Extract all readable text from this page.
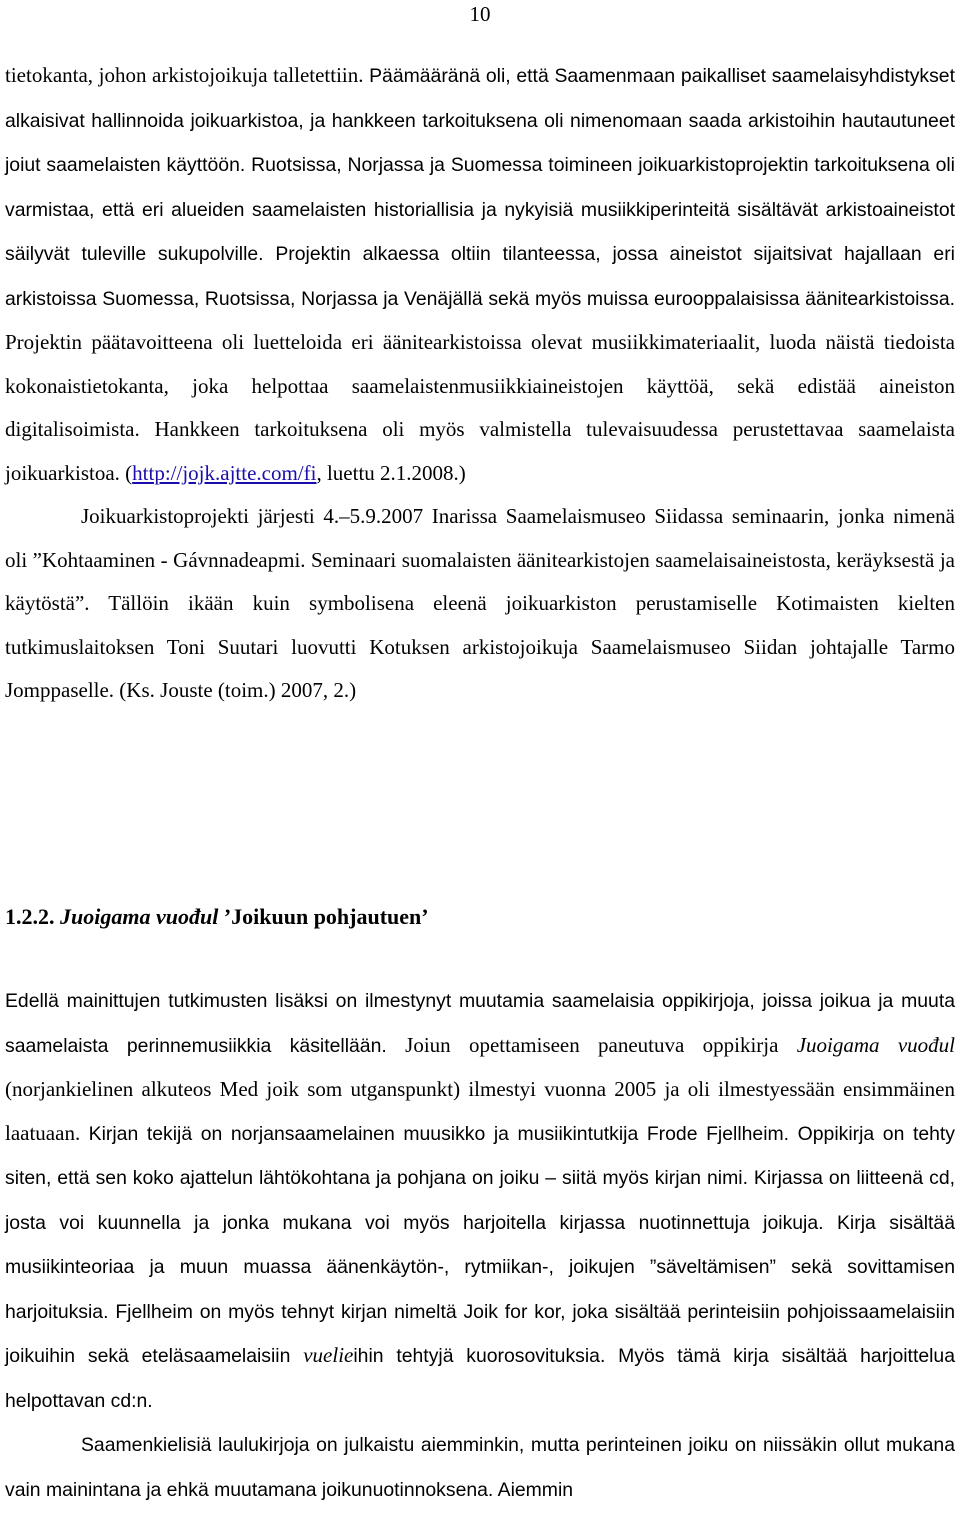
10

tietokanta, johon arkistojoikuja talletettiin. Päämääränä oli, että Saamenmaan paikalliset saamelaisyhdistykset alkaisivat hallinnoida joikuarkistoa, ja hankkeen tarkoituksena oli nimenomaan saada arkistoihin hautautuneet joiut saamelaisten käyttöön. Ruotsissa, Norjassa ja Suomessa toimineen joikuarkistoprojektin tarkoituksena oli varmistaa, että eri alueiden saamelaisten historiallisia ja nykyisiä musiikkiperinteitä sisältävät arkistoaineistot säilyvät tuleville sukupolville. Projektin alkaessa oltiin tilanteessa, jossa aineistot sijaitsivat hajallaan eri arkistoissa Suomessa, Ruotsissa, Norjassa ja Venäjällä sekä myös muissa eurooppalaisissa äänitearkistoissa. Projektin päätavoitteena oli luetteloida eri äänitearkistoissa olevat musiikkimateriaalit, luoda näistä tiedoista kokonaistietokanta, joka helpottaa saamelaistenmusiikkiaineistojen käyttöä, sekä edistää aineiston digitalisoimista. Hankkeen tarkoituksena oli myös valmistella tulevaisuudessa perustettavaa saamelaista joikuarkistoa. (http://jojk.ajtte.com/fi, luettu 2.1.2008.)

Joikuarkistoprojekti järjesti 4.–5.9.2007 Inarissa Saamelaismuseo Siidassa seminaarin, jonka nimenä oli ”Kohtaaminen - Gávnnadeapmi. Seminaari suomalaisten äänitearkistojen saamelaisaineistosta, keräyksestä ja käytöstä”. Tällöin ikään kuin symbolisena eleenä joikuarkiston perustamiselle Kotimaisten kielten tutkimuslaitoksen Toni Suutari luovutti Kotuksen arkistojoikuja Saamelaismuseo Siidan johtajalle Tarmo Jomppaselle. (Ks. Jouste (toim.) 2007, 2.)

1.2.2. Juoigama vuođul ’Joikuun pohjautuen’

Edellä mainittujen tutkimusten lisäksi on ilmestynyt muutamia saamelaisia oppikirjoja, joissa joikua ja muuta saamelaista perinnemusiikkia käsitellään. Joiun opettamiseen paneutuva oppikirja Juoigama vuođul (norjankielinen alkuteos Med joik som utganspunkt) ilmestyi vuonna 2005 ja oli ilmestyessään ensimmäinen laatuaan. Kirjan tekijä on norjansaamelainen muusikko ja musiikintutkija Frode Fjellheim. Oppikirja on tehty siten, että sen koko ajattelun lähtökohtana ja pohjana on joiku – siitä myös kirjan nimi. Kirjassa on liitteenä cd, josta voi kuunnella ja jonka mukana voi myös harjoitella kirjassa nuotinnettuja joikuja. Kirja sisältää musiikinteoriaa ja muun muassa äänenkäytön-, rytmiikan-, joikujen ”säveltämisen” sekä sovittamisen harjoituksia. Fjellheim on myös tehnyt kirjan nimeltä Joik for kor, joka sisältää perinteisiin pohjoissaamelaisiin joikuihin sekä eteläsaamelaisiin vuelieihin tehtyjä kuorosovituksia. Myös tämä kirja sisältää harjoittelua helpottavan cd:n.

Saamenkielisiä laulukirjoja on julkaistu aiemminkin, mutta perinteinen joiku on niissäkin ollut mukana vain mainintana ja ehkä muutamana joikunuotinnoksena. Aiemmin
